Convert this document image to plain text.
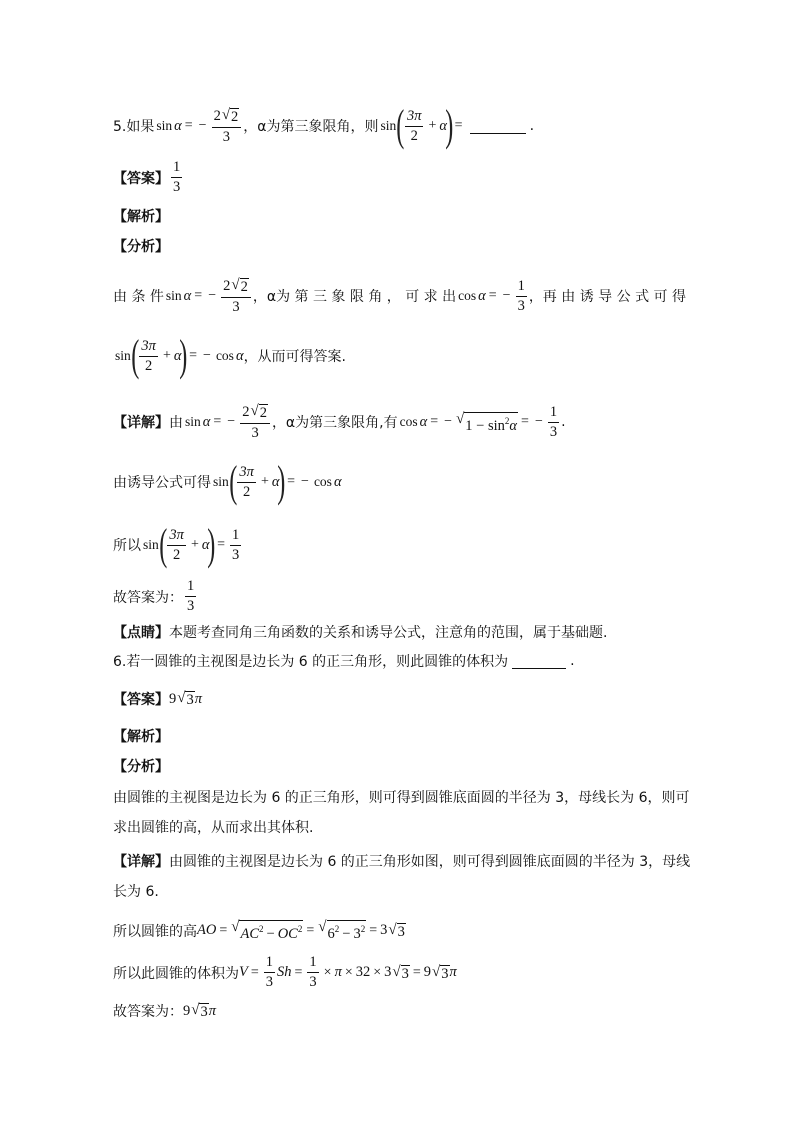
5.如果 sin α = − $\frac{2 √ 2}{3}$ ，α为第三象限角，则 sin ( $\frac{3\pi}{2} + \alpha$
) =	.
【答案】 $\frac{1}{3}$
【解析】
【分析】
由 条 件 sin α = − $\frac{2 √ 2}{3}$ ，α为 第 三 象 限 角 ， 可 求 出 cos α = − $\frac{1}{3}$ ，再 由 诱 导 公 式 可 得
sin ( $\frac{3\pi}{2} + \alpha$
) = − cos α ，从而可得答案.
【详解】 由 sin α = − $\frac{2 √ 2}{3}$ ，α为第三象限角,有 cos α = − √ $1 - \sin^2\alpha$ = − $\frac{1}{3}$ .
由诱导公式可得 sin ( $\frac{3\pi}{2} + \alpha$
) = − cos α
所以 sin ( $\frac{3\pi}{2} + \alpha$
) = $\frac{1}{3}$
故答案为： $\frac{1}{3}$
【点睛】 本题考查同角三角函数的关系和诱导公式，注意角的范围，属于基础题.
6.若一圆锥的主视图是边长为 6 的正三角形，则此圆锥的体积为	.
【答案】 9 √ 3 π
【解析】
【分析】
由圆锥的主视图是边长为 6 的正三角形，则可得到圆锥底面圆的半径为 3，母线长为 6，则可
求出圆锥的高，从而求出其体积.
【详解】 由圆锥的主视图是边长为 6 的正三角形如图，则可得到圆锥底面圆的半径为 3，母线
长为 6.
所以圆锥的高 AO = √ $AC^2 - OC^2$ = √ $6^2 - 3^2 = 3$ √ 3
所以此圆锥的体积为 $V = \frac{1}{3}$ $Sh = \frac{1}{3} \times \pi \times 3$ 2 × 3 √ 3 = 9 √ 3 π
故答案为： 9 √ 3 π
